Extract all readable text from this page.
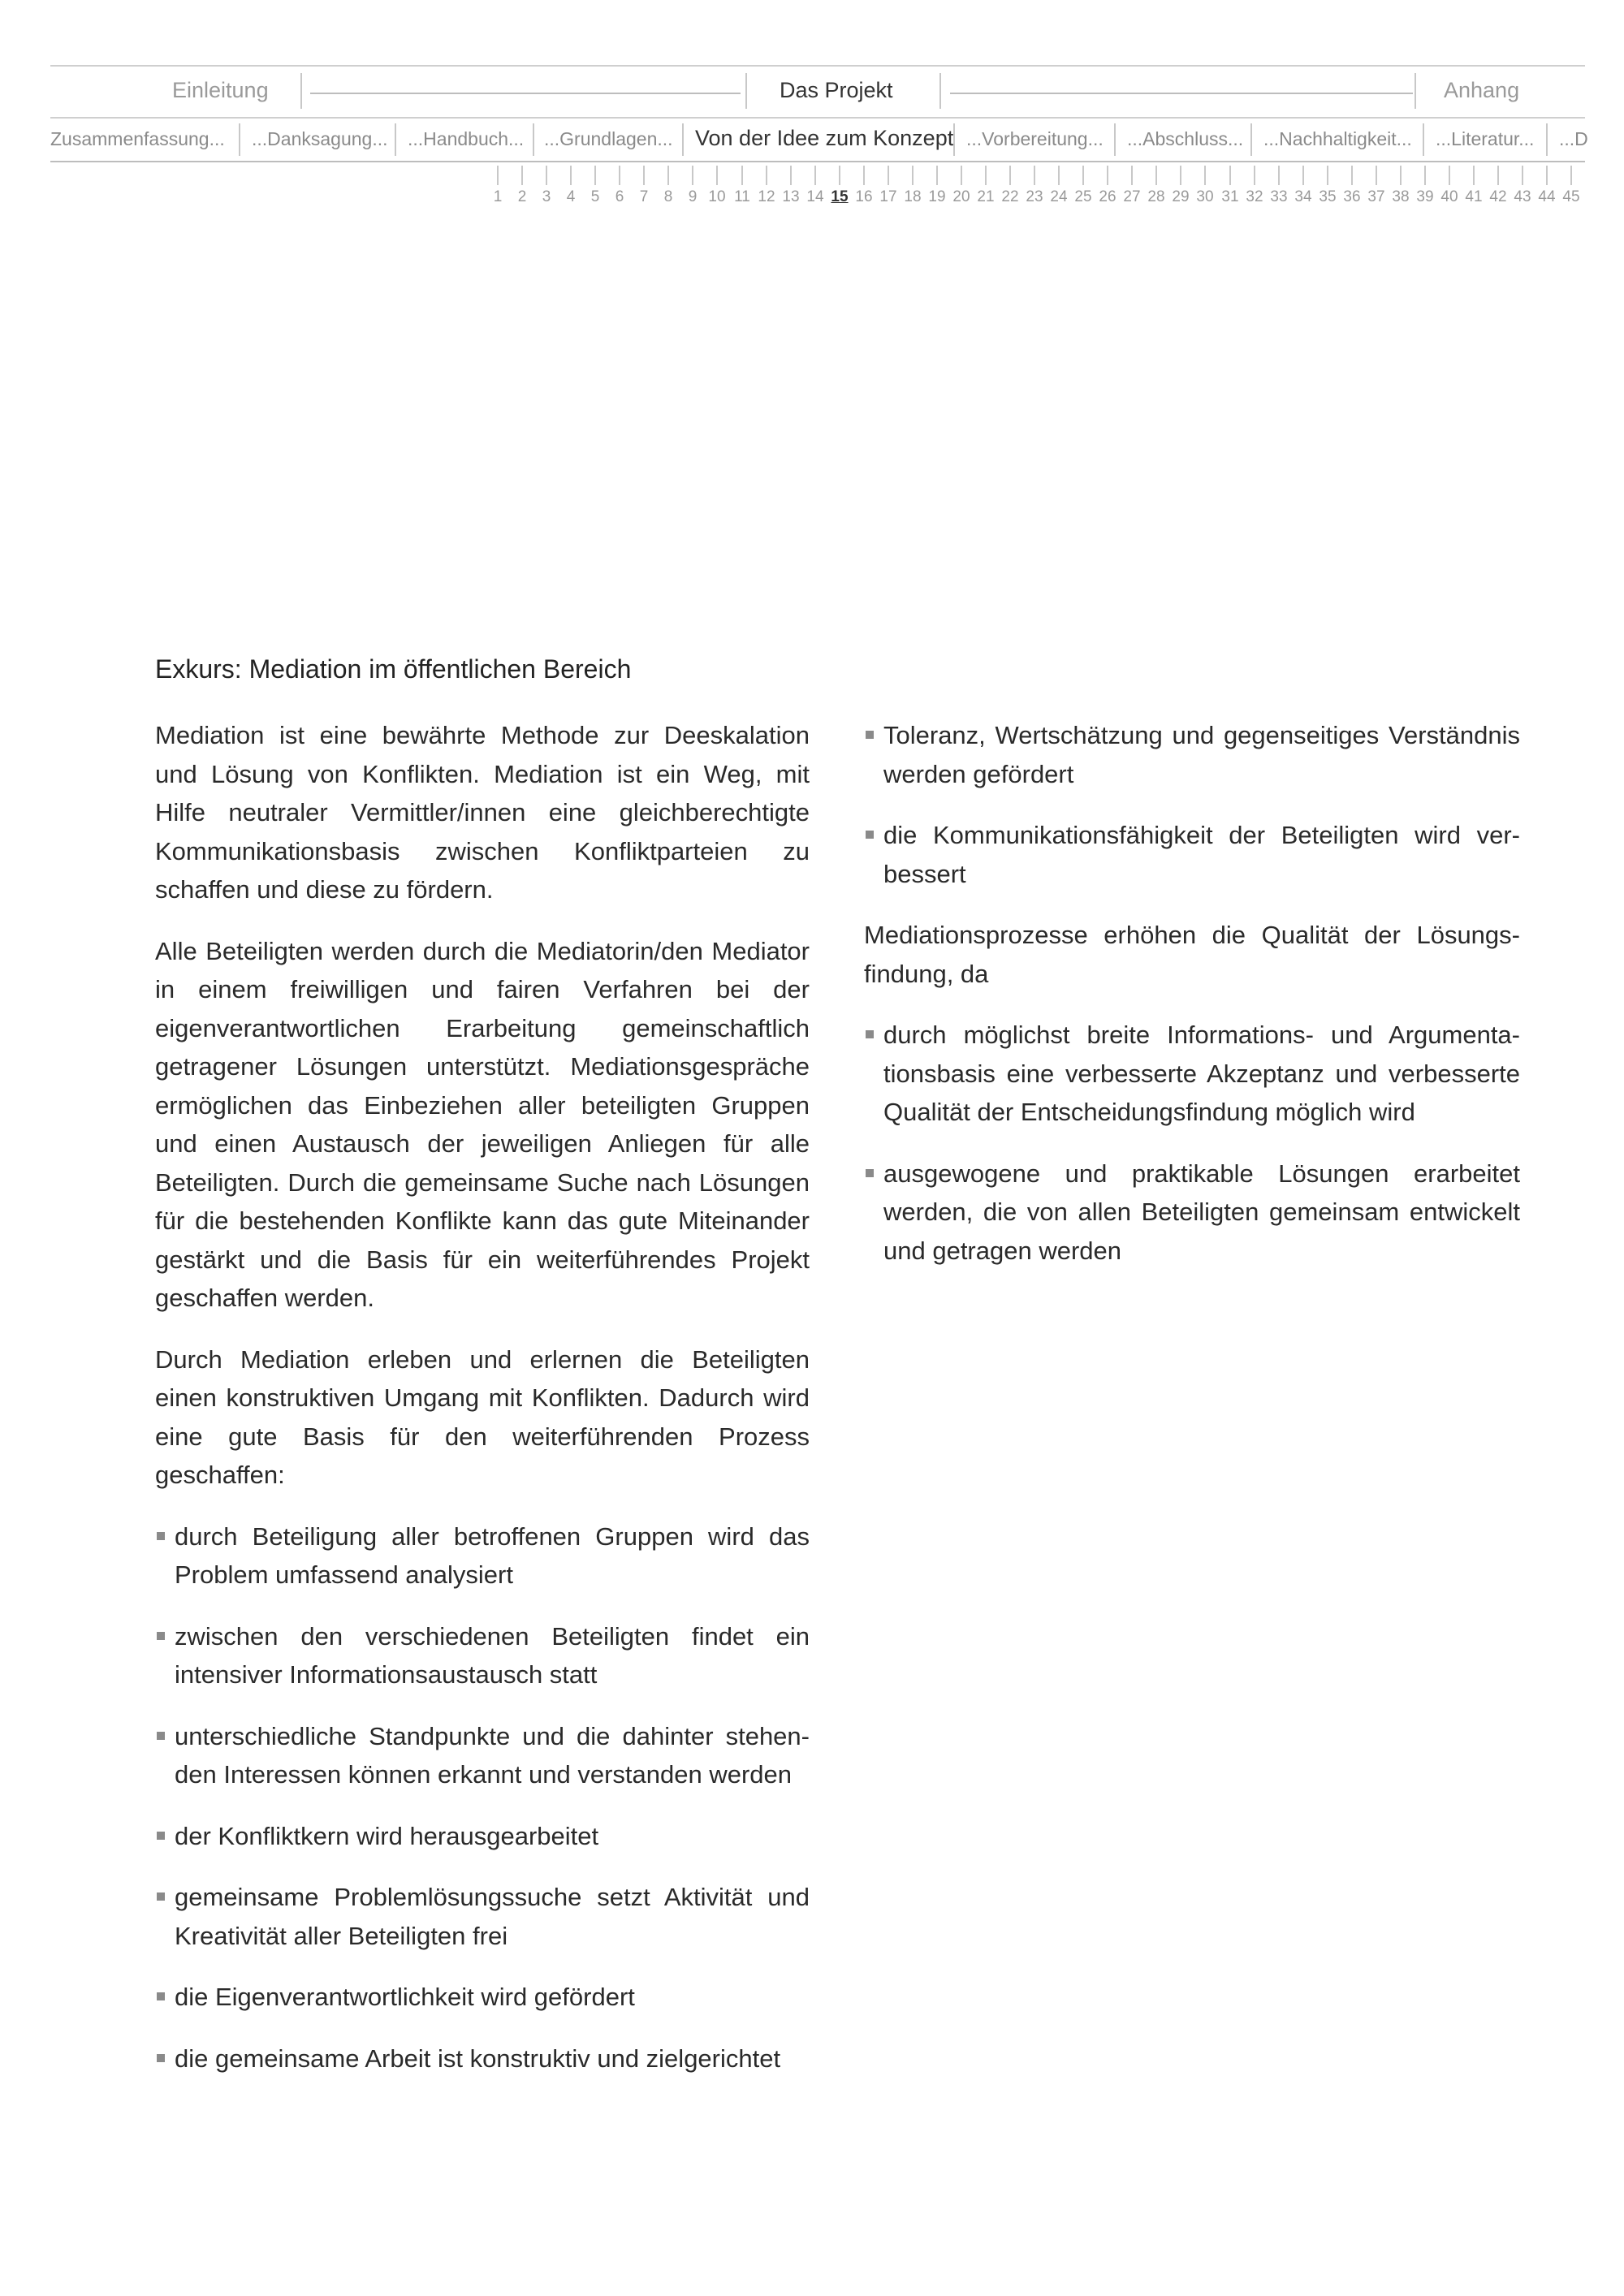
Einleitung	Das Projekt	Anhang
Zusammenfassung... ...Danksagung... ...Handbuch... ...Grundlagen... Von der Idee zum Konzept ...Vorbereitung... ...Abschluss... ...Nachhaltigkeit... ...Literatur... ...D
1 2 3 4 5 6 7 8 9 10 11 12 13 14 15 16 17 18 19 20 21 22 23 24 25 26 27 28 29 30 31 32 33 34 35 36 37 38 39 40 41 42 43 44 45
Exkurs: Mediation im öffentlichen Bereich

Mediation ist eine bewährte Methode zur Deeskalation und Lösung von Konflikten. Mediation ist ein Weg, mit Hilfe neutraler Vermittler/innen eine gleichberechtigte Kommunikationsbasis zwischen Konfliktparteien zu schaffen und diese zu fördern.

Alle Beteiligten werden durch die Mediatorin/den Mediator in einem freiwilligen und fairen Verfahren bei der eigenverantwortlichen Erarbeitung gemeinschaftlich getragener Lösungen unterstützt. Mediationsgespräche ermöglichen das Einbeziehen aller beteiligten Gruppen und einen Austausch der jeweiligen Anliegen für alle Beteiligten. Durch die gemeinsame Suche nach Lösungen für die bestehenden Konflikte kann das gute Miteinander gestärkt und die Basis für ein weiterführendes Projekt geschaffen werden.

Durch Mediation erleben und erlernen die Beteiligten einen konstruktiven Umgang mit Konflikten. Dadurch wird eine gute Basis für den weiterführenden Prozess geschaffen:

durch Beteiligung aller betroffenen Gruppen wird das Problem umfassend analysiert
zwischen den verschiedenen Beteiligten findet ein intensiver Informationsaustausch statt
unterschiedliche Standpunkte und die dahinter stehenden Interessen können erkannt und verstanden werden
der Konfliktkern wird herausgearbeitet
gemeinsame Problemlösungssuche setzt Aktivität und Kreativität aller Beteiligten frei
die Eigenverantwortlichkeit wird gefördert
die gemeinsame Arbeit ist konstruktiv und zielgerichtet
Toleranz, Wertschätzung und gegenseitiges Verständnis werden gefördert
die Kommunikationsfähigkeit der Beteiligten wird verbessert

Mediationsprozesse erhöhen die Qualität der Lösungsfindung, da

durch möglichst breite Informations- und Argumentationsbasis eine verbesserte Akzeptanz und verbesserte Qualität der Entscheidungsfindung möglich wird
ausgewogene und praktikable Lösungen erarbeitet werden, die von allen Beteiligten gemeinsam entwickelt und getragen werden
